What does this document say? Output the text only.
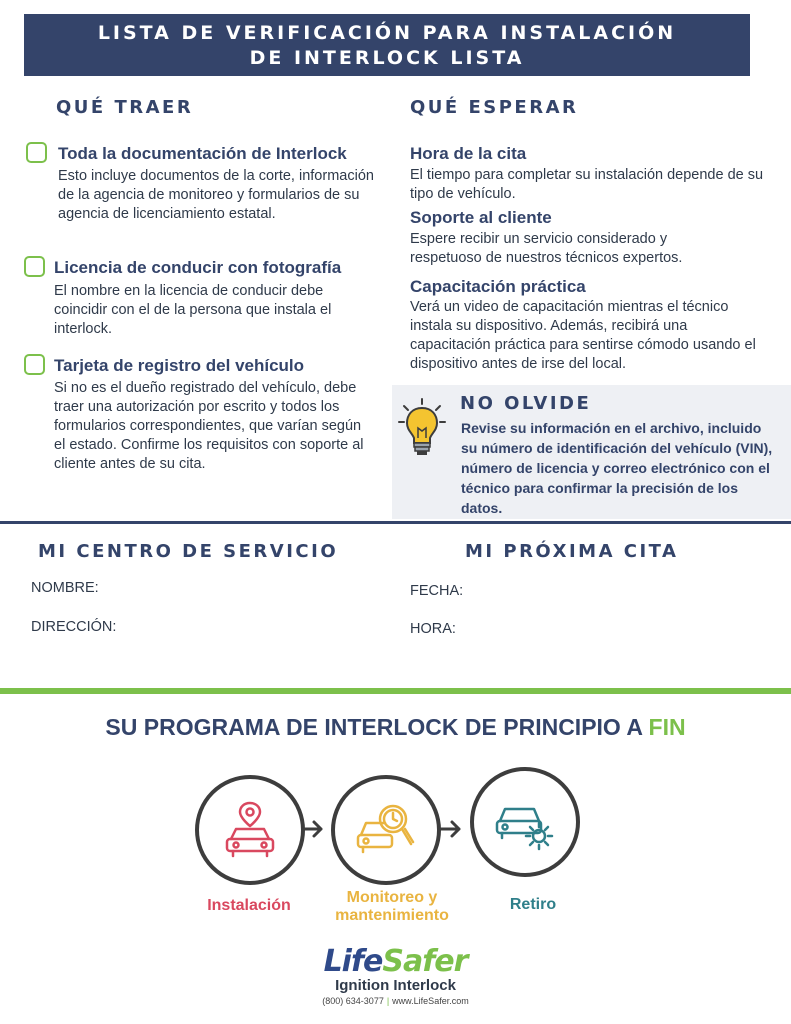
LISTA DE VERIFICACIÓN PARA INSTALACIÓN
DE INTERLOCK LISTA
QUÉ TRAER
Toda la documentación de Interlock
Esto incluye documentos de la corte, información de la agencia de monitoreo y formularios de su agencia de licenciamiento estatal.
Licencia de conducir con fotografía
El nombre en la licencia de conducir debe coincidir con el de la persona que instala el interlock.
Tarjeta de registro del vehículo
Si no es el dueño registrado del vehículo, debe traer una autorización por escrito y todos los formularios correspondientes, que varían según el estado. Confirme los requisitos con soporte al cliente antes de su cita.
QUÉ ESPERAR
Hora de la cita
El tiempo para completar su instalación depende de su tipo de vehículo.
Soporte al cliente
Espere recibir un servicio considerado y respetuoso de nuestros técnicos expertos.
Capacitación práctica
Verá un video de capacitación mientras el técnico instala su dispositivo. Además, recibirá una capacitación práctica para sentirse cómodo usando el dispositivo antes de irse del local.
NO OLVIDE
Revise su información en el archivo, incluido su número de identificación del vehículo (VIN), número de licencia y correo electrónico con el técnico para confirmar la precisión de los datos.
MI CENTRO DE SERVICIO
NOMBRE:
DIRECCIÓN:
MI PRÓXIMA CITA
FECHA:
HORA:
SU PROGRAMA DE INTERLOCK DE PRINCIPIO A FIN
Instalación	Monitoreo y
mantenimiento
Retiro
LifeSafer
Ignition Interlock
(800) 634-3077 | www.LifeSafer.com
